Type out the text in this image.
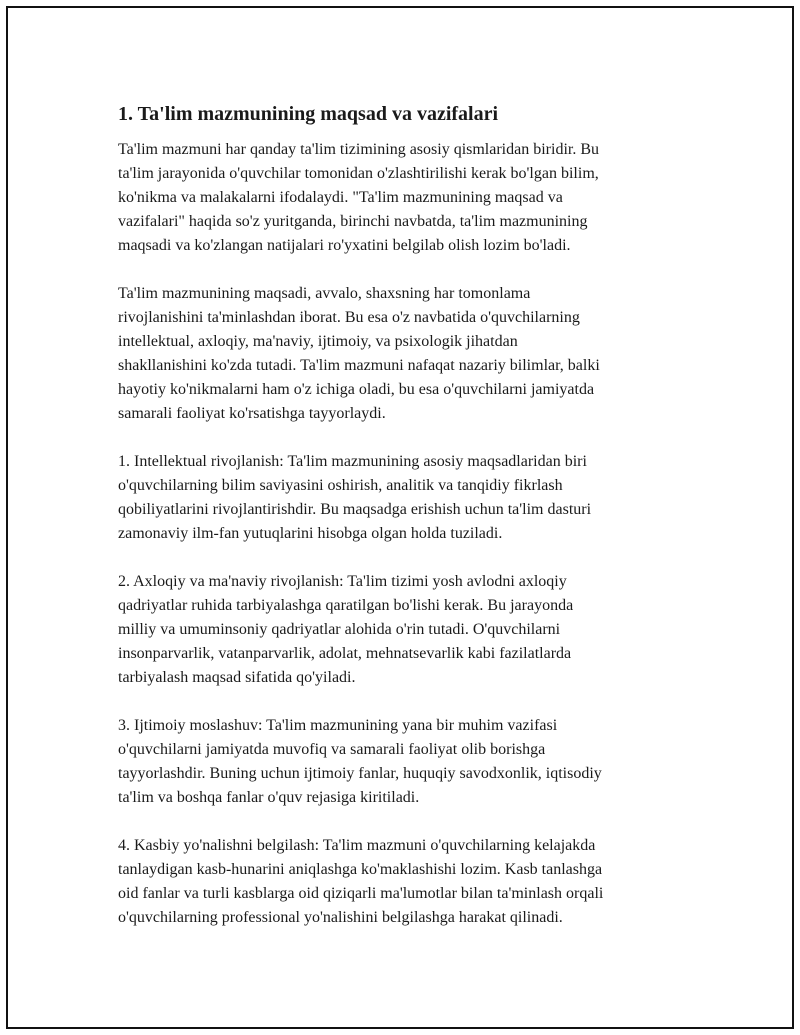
1. Ta'lim mazmunining maqsad va vazifalari

Ta'lim mazmuni har qanday ta'lim tizimining asosiy qismlaridan biridir. Bu
ta'lim jarayonida o'quvchilar tomonidan o'zlashtirilishi kerak bo'lgan bilim,
ko'nikma va malakalarni ifodalaydi. "Ta'lim mazmunining maqsad va
vazifalari" haqida so'z yuritganda, birinchi navbatda, ta'lim mazmunining
maqsadi va ko'zlangan natijalari ro'yxatini belgilab olish lozim bo'ladi.

Ta'lim mazmunining maqsadi, avvalo, shaxsning har tomonlama
rivojlanishini ta'minlashdan iborat. Bu esa o'z navbatida o'quvchilarning
intellektual, axloqiy, ma'naviy, ijtimoiy, va psixologik jihatdan
shakllanishini ko'zda tutadi. Ta'lim mazmuni nafaqat nazariy bilimlar, balki
hayotiy ko'nikmalarni ham o'z ichiga oladi, bu esa o'quvchilarni jamiyatda
samarali faoliyat ko'rsatishga tayyorlaydi.

1. Intellektual rivojlanish: Ta'lim mazmunining asosiy maqsadlaridan biri
o'quvchilarning bilim saviyasini oshirish, analitik va tanqidiy fikrlash
qobiliyatlarini rivojlantirishdir. Bu maqsadga erishish uchun ta'lim dasturi
zamonaviy ilm-fan yutuqlarini hisobga olgan holda tuziladi.

2. Axloqiy va ma'naviy rivojlanish: Ta'lim tizimi yosh avlodni axloqiy
qadriyatlar ruhida tarbiyalashga qaratilgan bo'lishi kerak. Bu jarayonda
milliy va umuminsoniy qadriyatlar alohida o'rin tutadi. O'quvchilarni
insonparvarlik, vatanparvarlik, adolat, mehnatsevarlik kabi fazilatlarda
tarbiyalash maqsad sifatida qo'yiladi.

3. Ijtimoiy moslashuv: Ta'lim mazmunining yana bir muhim vazifasi
o'quvchilarni jamiyatda muvofiq va samarali faoliyat olib borishga
tayyorlashdir. Buning uchun ijtimoiy fanlar, huquqiy savodxonlik, iqtisodiy
ta'lim va boshqa fanlar o'quv rejasiga kiritiladi.

4. Kasbiy yo'nalishni belgilash: Ta'lim mazmuni o'quvchilarning kelajakda
tanlaydigan kasb-hunarini aniqlashga ko'maklashishi lozim. Kasb tanlashga
oid fanlar va turli kasblarga oid qiziqarli ma'lumotlar bilan ta'minlash orqali
o'quvchilarning professional yo'nalishini belgilashga harakat qilinadi.
